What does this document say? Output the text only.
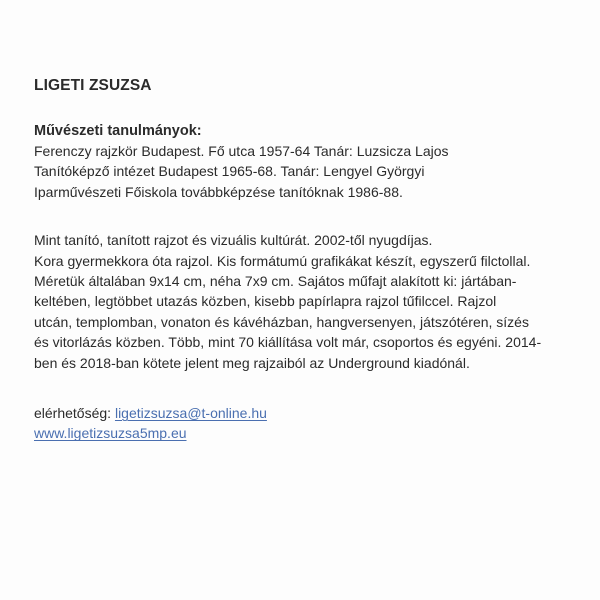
LIGETI ZSUZSA
Művészeti tanulmányok:
Ferenczy rajzkör Budapest. Fő utca 1957-64 Tanár: Luzsicza Lajos
Tanítóképző intézet Budapest 1965-68. Tanár: Lengyel Györgyi
Iparművészeti Főiskola továbbképzése tanítóknak 1986-88.
Mint tanító, tanított rajzot és vizuális kultúrát. 2002-től nyugdíjas.
Kora gyermekkora óta rajzol. Kis formátumú grafikákat készít, egyszerű filctollal.
Méretük általában 9x14 cm, néha 7x9 cm. Sajátos műfajt alakított ki: jártában-
keltében, legtöbbet utazás közben, kisebb papírlapra rajzol tűfilccel. Rajzol
utcán, templomban, vonaton és kávéházban, hangversenyen, játszótéren, sízés
és vitorlázás közben. Több, mint 70 kiállítása volt már, csoportos és egyéni. 2014-
ben és 2018-ban kötete jelent meg rajzaiból az Underground kiadónál.
elérhetőség: ligetizsuzsa@t-online.hu
www.ligetizsuzsa5mp.eu
